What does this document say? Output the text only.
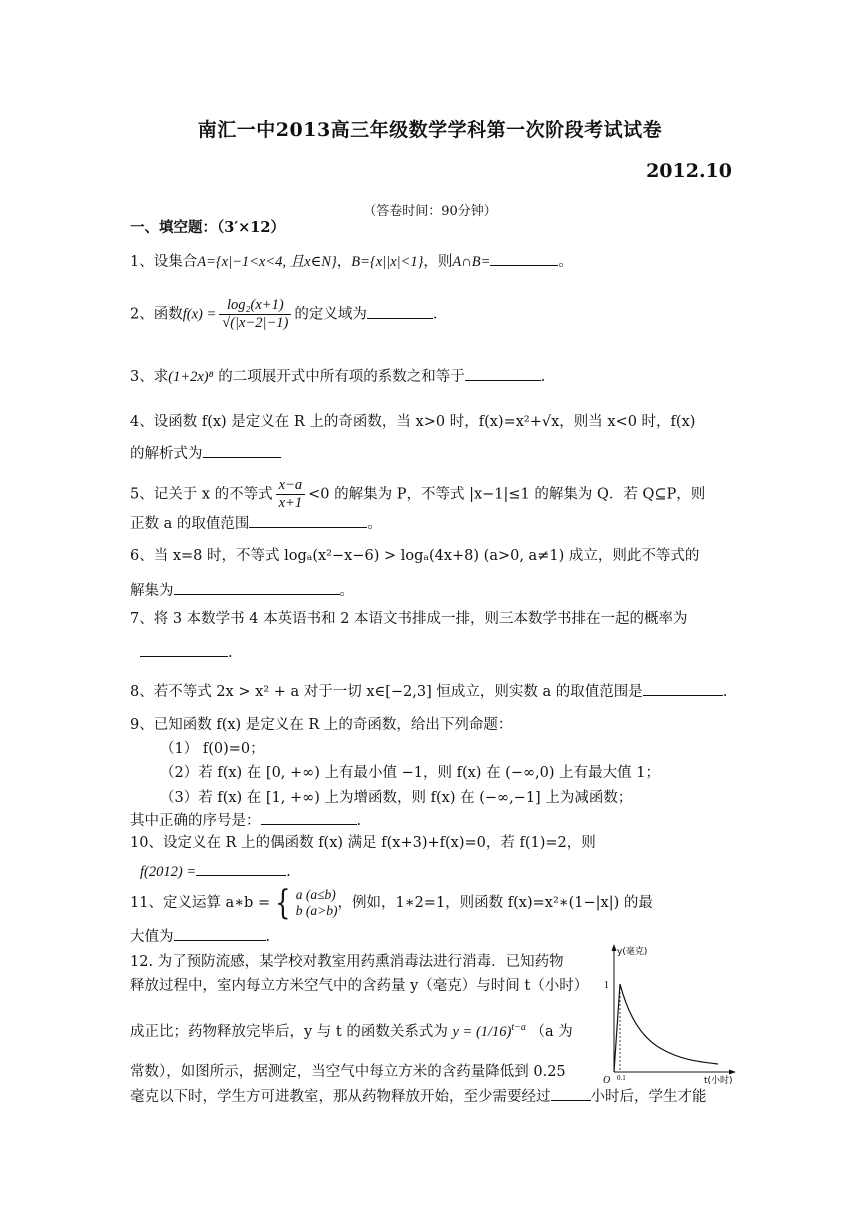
南汇一中2013高三年级数学学科第一次阶段考试试卷
2012.10
（答卷时间：90分钟）
一、填空题：（3′×12）
1、设集合A={x|−1<x<4, 且x∈N}，B={x||x|<1}，则A∩B=	。
2、函数$f(x) = \frac{\text{log₂(x+1)}}{√(|x-2|-1)}$ 的定义域为	.
3、求(1+2x)⁸ 的二项展开式中所有项的系数之和等于	.
4、设函数 f(x) 是定义在 R 上的奇函数，当 x>0 时，f(x)=x²+√x，则当 x<0 时，f(x)
的解析式为
5、记关于 x 的不等式 $\frac{x-a}{x+1} <0$ 的解集为 P，不等式 |x−1|≤1 的解集为 Q．若 Q⊆P，则
正数 a 的取值范围	。
6、当 x=8 时，不等式 logₐ(x²−x−6) > logₐ(4x+8) (a>0, a≠1) 成立，则此不等式的
解集为	。
7、将 3 本数学书 4 本英语书和 2 本语文书排成一排，则三本数学书排在一起的概率为
.
8、若不等式 2x > x² + a 对于一切 x∈[−2,3] 恒成立，则实数 a 的取值范围是	.
9、已知函数 f(x) 是定义在 R 上的奇函数，给出下列命题：
（1） f(0)=0；
（2）若 f(x) 在 [0, +∞) 上有最小值 −1，则 f(x) 在 (−∞,0) 上有最大值 1；
（3）若 f(x) 在 [1, +∞) 上为增函数，则 f(x) 在 (−∞,−1] 上为减函数；
其中正确的序号是：	.
10、设定义在 R 上的偶函数 f(x) 满足 f(x+3)+f(x)=0，若 f(1)=2，则
f(2012) =	.
11、定义运算 a∗b = { a (a≤b)
b (a>b) ，例如，1∗2=1，则函数 f(x)=x²∗(1−|x|) 的最
大值为	.
12. 为了预防流感，某学校对教室用药熏消毒法进行消毒．已知药物
释放过程中，室内每立方米空气中的含药量 y（毫克）与时间 t（小时）
成正比；药物释放完毕后，y 与 t 的函数关系式为 $y = (1/16)^{t-a}$ （a 为
常数），如图所示，据测定，当空气中每立方米的含药量降低到 0.25
毫克以下时，学生方可进教室，那从药物释放开始，至少需要经过	小时后，学生才能
y(毫克)
1
O 0.1	t(小时)
